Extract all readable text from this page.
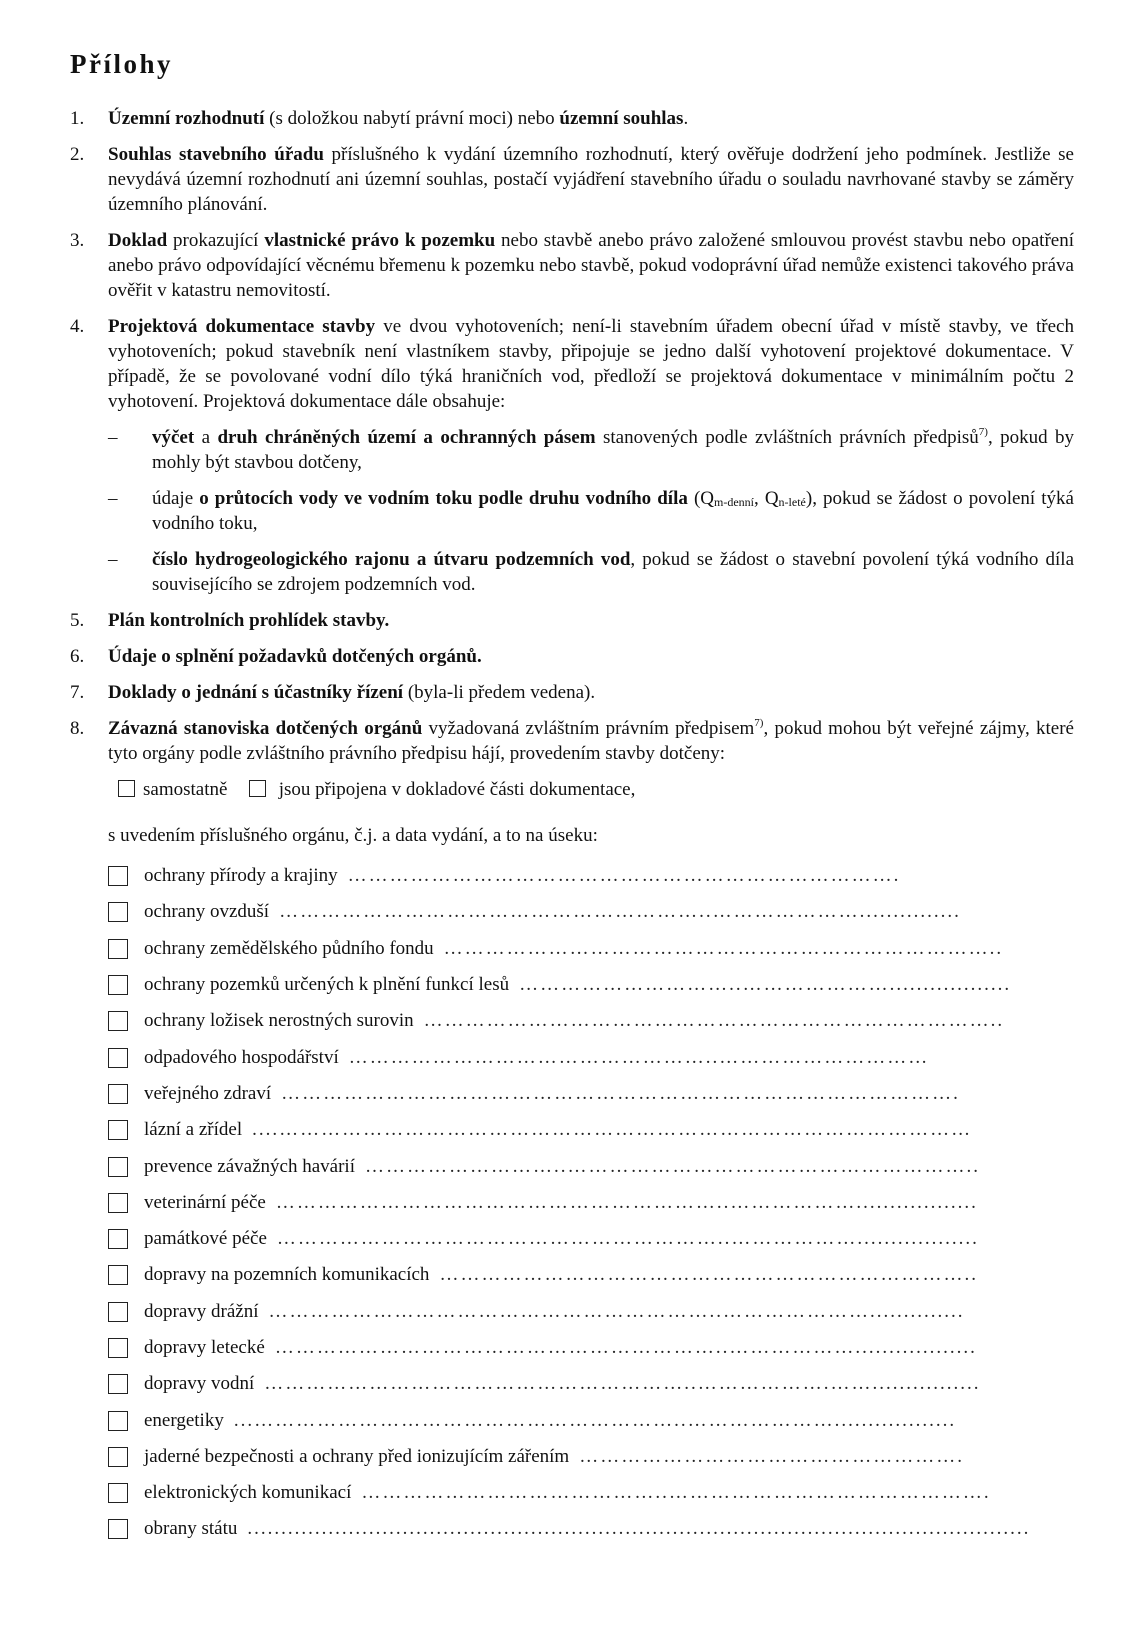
Přílohy
1. Územní rozhodnutí (s doložkou nabytí právní moci) nebo územní souhlas.
2. Souhlas stavebního úřadu příslušného k vydání územního rozhodnutí, který ověřuje dodržení jeho podmínek. Jestliže se nevydává územní rozhodnutí ani územní souhlas, postačí vyjádření stavebního úřadu o souladu navrhované stavby se záměry územního plánování.
3. Doklad prokazující vlastnické právo k pozemku nebo stavbě anebo právo založené smlouvou provést stavbu nebo opatření anebo právo odpovídající věcnému břemenu k pozemku nebo stavbě, pokud vodoprávní úřad nemůže existenci takového práva ověřit v katastru nemovitostí.
4. Projektová dokumentace stavby ve dvou vyhotoveních; není-li stavebním úřadem obecní úřad v místě stavby, ve třech vyhotoveních; pokud stavebník není vlastníkem stavby, připojuje se jedno další vyhotovení projektové dokumentace. V případě, že se povolované vodní dílo týká hraničních vod, předloží se projektová dokumentace v minimálním počtu 2 vyhotovení. Projektová dokumentace dále obsahuje:
– výčet a druh chráněných území a ochranných pásem stanovených podle zvláštních právních předpisů$^{7)}$, pokud by mohly být stavbou dotčeny,
– údaje o průtocích vody ve vodním toku podle druhu vodního díla ($Q_{m-denní}$, $Q_{n-leté}$), pokud se žádost o povolení týká vodního toku,
– číslo hydrogeologického rajonu a útvaru podzemních vod, pokud se žádost o stavební povolení týká vodního díla souvisejícího se zdrojem podzemních vod.
5. Plán kontrolních prohlídek stavby.
6. Údaje o splnění požadavků dotčených orgánů.
7. Doklady o jednání s účastníky řízení (byla-li předem vedena).
8. Závazná stanoviska dotčených orgánů vyžadovaná zvláštním právním předpisem$^{7)}$, pokud mohou být veřejné zájmy, které tyto orgány podle zvláštního právního předpisu hájí, provedením stavby dotčeny:
samostatně	jsou připojena v dokladové části dokumentace,
s uvedením příslušného orgánu, č.j. a data vydání, a to na úseku:
ochrany přírody a krajiny …………………………………………………………………….
ochrany ovzduší ……………………………………………………..…………………...............
ochrany zemědělského půdního fondu ……………………………………………………………………..
ochrany pozemků určených k plnění funkcí lesů …………………………..…………………..................
ochrany ložisek nerostných surovin ………………………………………………………………………..
odpadového hospodářství ……………………………………………..…………………………
veřejného zdraví …………………………………………………………………………………….
lázní a zřídel ....………………………………………………………………………………………
prevence závažných havárií ………………………..…………………………………………………..
veterinární péče ………………………………………………………..………………..................
památkové péče ………………………………………………………..………………..................
dopravy na pozemních komunikacích …………………………………………………………………..
dopravy drážní ………………………………………………………..…………………..............
dopravy letecké ………………………………………………………..………………..................
dopravy vodní ……………………………………………………..……………….……................
energetiky ...……………………………………………………..…………………..................
jaderné bezpečnosti a ochrany před ionizujícím zářením ……………………………………………….
elektronických komunikací ……………………………………..……………………………………….
obrany státu ....................................................................................................................
